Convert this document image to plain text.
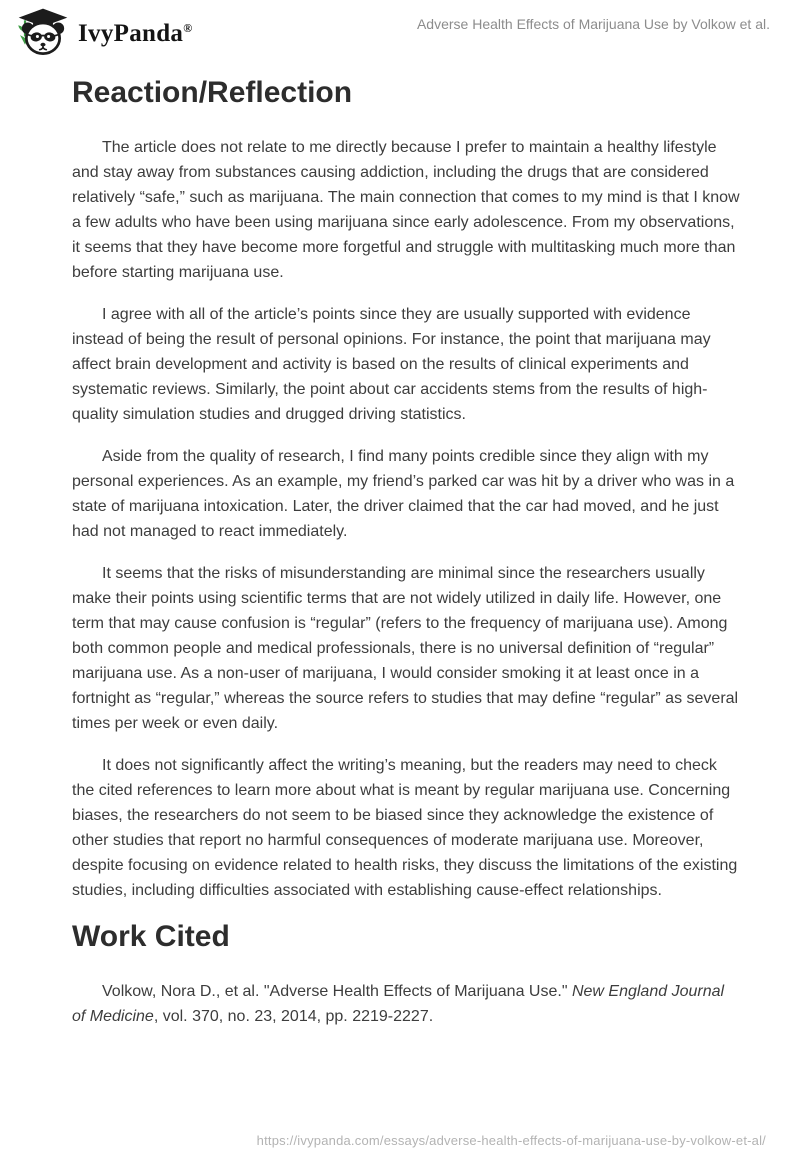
IvyPanda®	Adverse Health Effects of Marijuana Use by Volkow et al.
Reaction/Reflection

The article does not relate to me directly because I prefer to maintain a healthy lifestyle and stay away from substances causing addiction, including the drugs that are considered relatively “safe,” such as marijuana. The main connection that comes to my mind is that I know a few adults who have been using marijuana since early adolescence. From my observations, it seems that they have become more forgetful and struggle with multitasking much more than before starting marijuana use.

I agree with all of the article’s points since they are usually supported with evidence instead of being the result of personal opinions. For instance, the point that marijuana may affect brain development and activity is based on the results of clinical experiments and systematic reviews. Similarly, the point about car accidents stems from the results of high-quality simulation studies and drugged driving statistics.

Aside from the quality of research, I find many points credible since they align with my personal experiences. As an example, my friend’s parked car was hit by a driver who was in a state of marijuana intoxication. Later, the driver claimed that the car had moved, and he just had not managed to react immediately.

It seems that the risks of misunderstanding are minimal since the researchers usually make their points using scientific terms that are not widely utilized in daily life. However, one term that may cause confusion is “regular” (refers to the frequency of marijuana use). Among both common people and medical professionals, there is no universal definition of “regular” marijuana use. As a non-user of marijuana, I would consider smoking it at least once in a fortnight as “regular,” whereas the source refers to studies that may define “regular” as several times per week or even daily.

It does not significantly affect the writing’s meaning, but the readers may need to check the cited references to learn more about what is meant by regular marijuana use. Concerning biases, the researchers do not seem to be biased since they acknowledge the existence of other studies that report no harmful consequences of moderate marijuana use. Moreover, despite focusing on evidence related to health risks, they discuss the limitations of the existing studies, including difficulties associated with establishing cause-effect relationships.

Work Cited

Volkow, Nora D., et al. "Adverse Health Effects of Marijuana Use." New England Journal of Medicine, vol. 370, no. 23, 2014, pp. 2219-2227.

https://ivypanda.com/essays/adverse-health-effects-of-marijuana-use-by-volkow-et-al/
